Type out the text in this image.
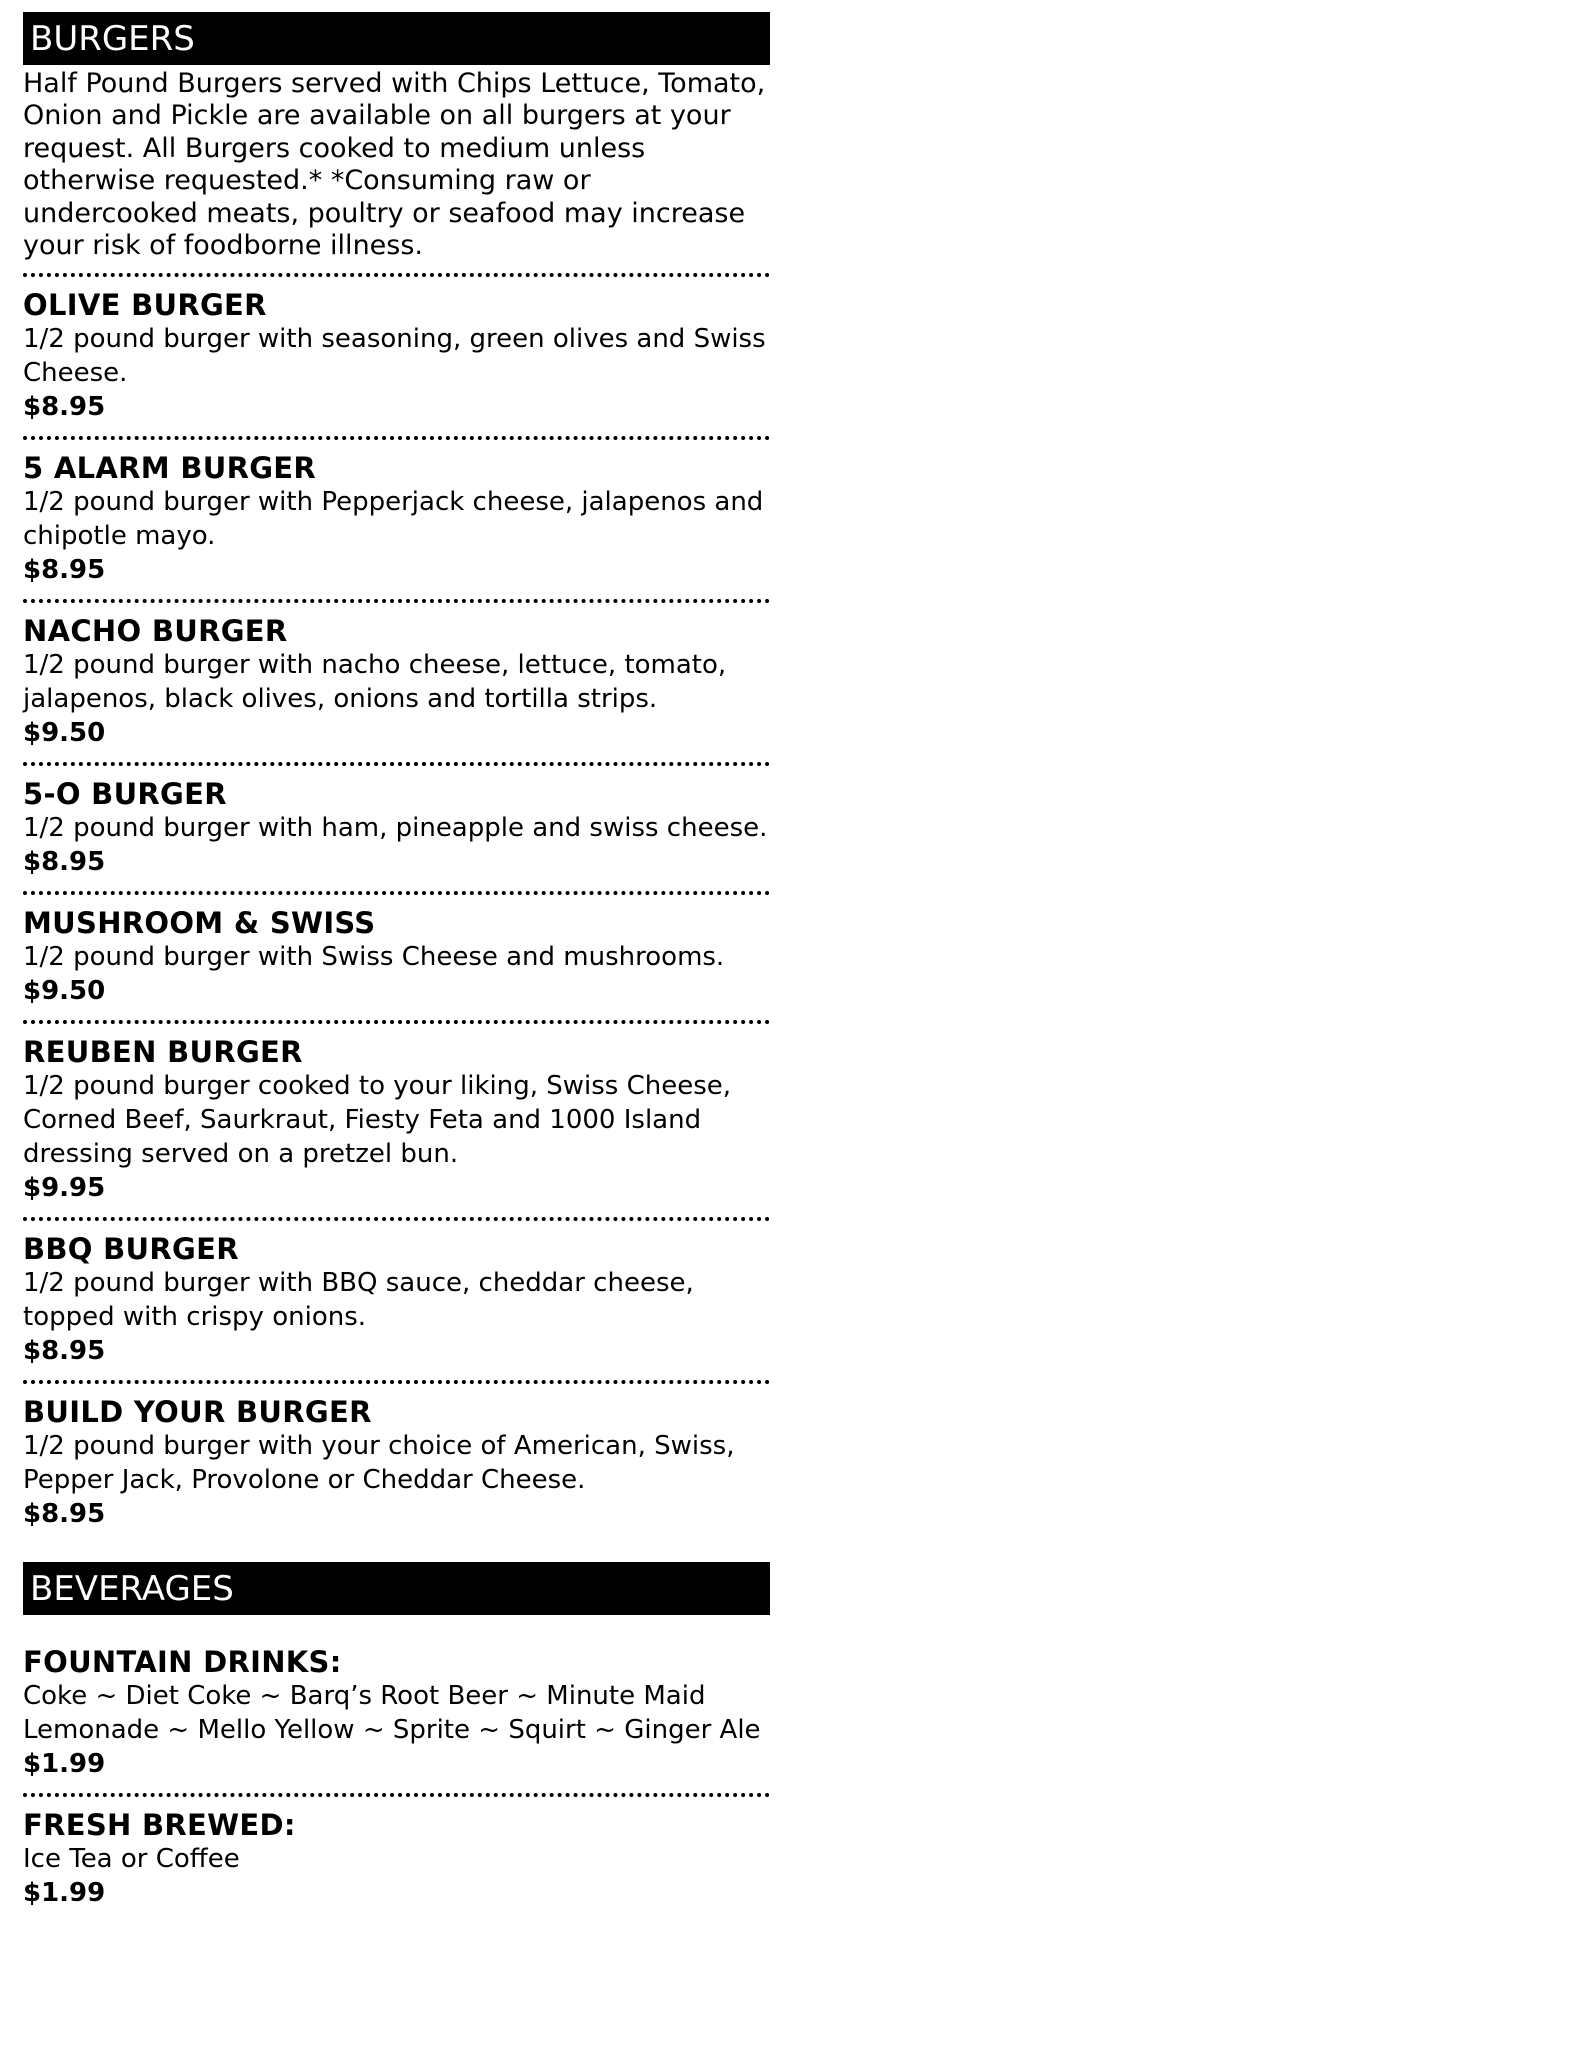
BURGERS
Half Pound Burgers served with Chips Lettuce, Tomato, Onion and Pickle are available on all burgers at your request. All Burgers cooked to medium unless otherwise requested.* *Consuming raw or undercooked meats, poultry or seafood may increase your risk of foodborne illness.
OLIVE BURGER
1/2 pound burger with seasoning, green olives and Swiss Cheese.
$8.95
5 ALARM BURGER
1/2 pound burger with Pepperjack cheese, jalapenos and chipotle mayo.
$8.95
NACHO BURGER
1/2 pound burger with nacho cheese, lettuce, tomato, jalapenos, black olives, onions and tortilla strips.
$9.50
5-O BURGER
1/2 pound burger with ham, pineapple and swiss cheese.
$8.95
MUSHROOM & SWISS
1/2 pound burger with Swiss Cheese and mushrooms.
$9.50
REUBEN BURGER
1/2 pound burger cooked to your liking, Swiss Cheese, Corned Beef, Saurkraut, Fiesty Feta and 1000 Island dressing served on a pretzel bun.
$9.95
BBQ BURGER
1/2 pound burger with BBQ sauce, cheddar cheese, topped with crispy onions.
$8.95
BUILD YOUR BURGER
1/2 pound burger with your choice of American, Swiss, Pepper Jack, Provolone or Cheddar Cheese.
$8.95
BEVERAGES
FOUNTAIN DRINKS:
Coke ~ Diet Coke ~ Barq’s Root Beer ~ Minute Maid Lemonade ~ Mello Yellow ~ Sprite ~ Squirt ~ Ginger Ale
$1.99
FRESH BREWED:
Ice Tea or Coffee
$1.99
